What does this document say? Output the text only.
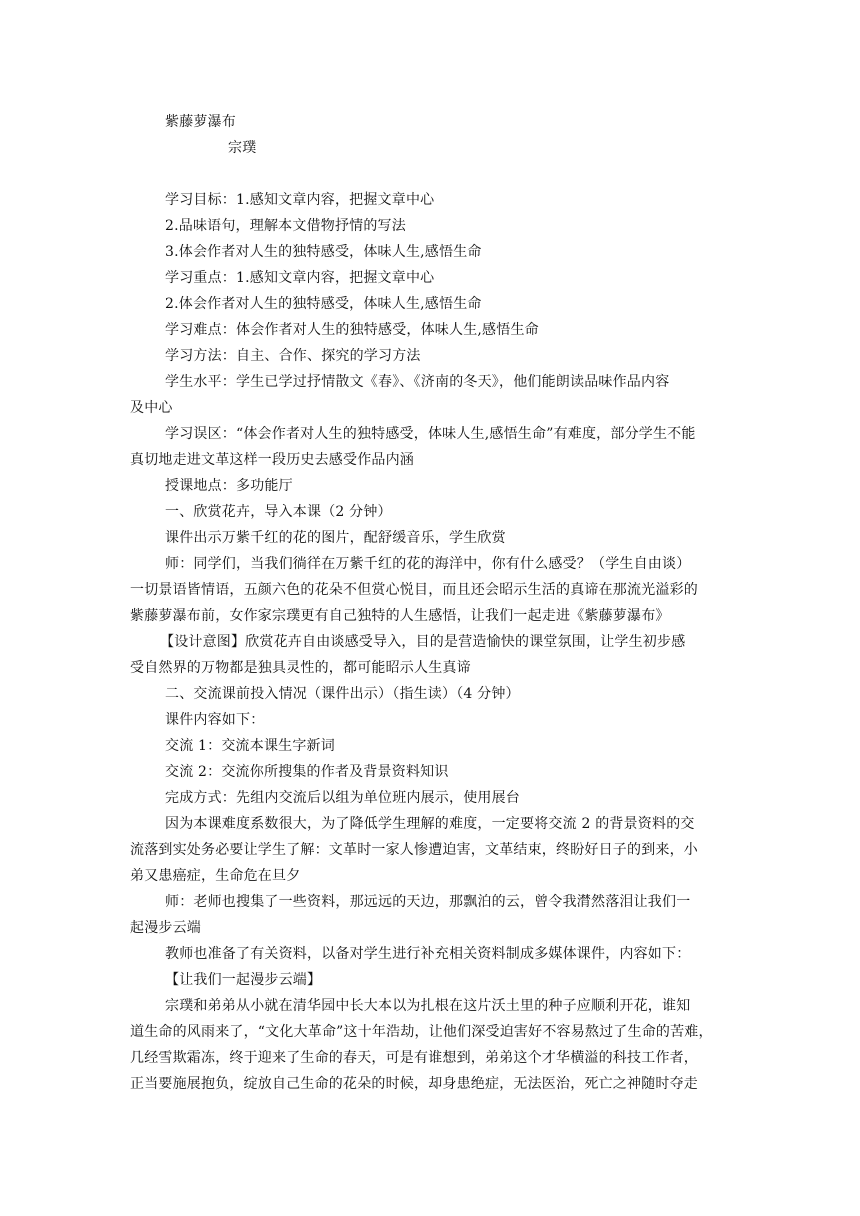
紫藤萝瀑布
宗璞
学习目标：1.感知文章内容，把握文章中心
2.品味语句，理解本文借物抒情的写法
3.体会作者对人生的独特感受，体味人生,感悟生命
学习重点：1.感知文章内容，把握文章中心
2.体会作者对人生的独特感受，体味人生,感悟生命
学习难点：体会作者对人生的独特感受，体味人生,感悟生命
学习方法：自主、合作、探究的学习方法
学生水平：学生已学过抒情散文《春》、《济南的冬天》，他们能朗读品味作品内容
及中心
学习误区：“体会作者对人生的独特感受，体味人生,感悟生命”有难度，部分学生不能
真切地走进文革这样一段历史去感受作品内涵
授课地点：多功能厅
一、欣赏花卉，导入本课（2 分钟）
课件出示万紫千红的花的图片，配舒缓音乐，学生欣赏
师：同学们，当我们徜徉在万紫千红的花的海洋中，你有什么感受？（学生自由谈）
一切景语皆情语，五颜六色的花朵不但赏心悦目，而且还会昭示生活的真谛在那流光溢彩的
紫藤萝瀑布前，女作家宗璞更有自己独特的人生感悟，让我们一起走进《紫藤萝瀑布》
【设计意图】欣赏花卉自由谈感受导入，目的是营造愉快的课堂氛围，让学生初步感
受自然界的万物都是独具灵性的，都可能昭示人生真谛
二、交流课前投入情况（课件出示）（指生读）（4 分钟）
课件内容如下：
交流 1：交流本课生字新词
交流 2：交流你所搜集的作者及背景资料知识
完成方式：先组内交流后以组为单位班内展示，使用展台
因为本课难度系数很大，为了降低学生理解的难度，一定要将交流 2 的背景资料的交
流落到实处务必要让学生了解：文革时一家人惨遭迫害，文革结束，终盼好日子的到来，小
弟又患癌症，生命危在旦夕
师：老师也搜集了一些资料，那远远的天边，那飘泊的云，曾令我潸然落泪让我们一
起漫步云端
教师也准备了有关资料，以备对学生进行补充相关资料制成多媒体课件，内容如下：
【让我们一起漫步云端】
宗璞和弟弟从小就在清华园中长大本以为扎根在这片沃土里的种子应顺利开花，谁知
道生命的风雨来了，“文化大革命”这十年浩劫，让他们深受迫害好不容易熬过了生命的苦难，
几经雪欺霜冻，终于迎来了生命的春天，可是有谁想到，弟弟这个才华横溢的科技工作者，
正当要施展抱负，绽放自己生命的花朵的时候，却身患绝症，无法医治，死亡之神随时夺走
